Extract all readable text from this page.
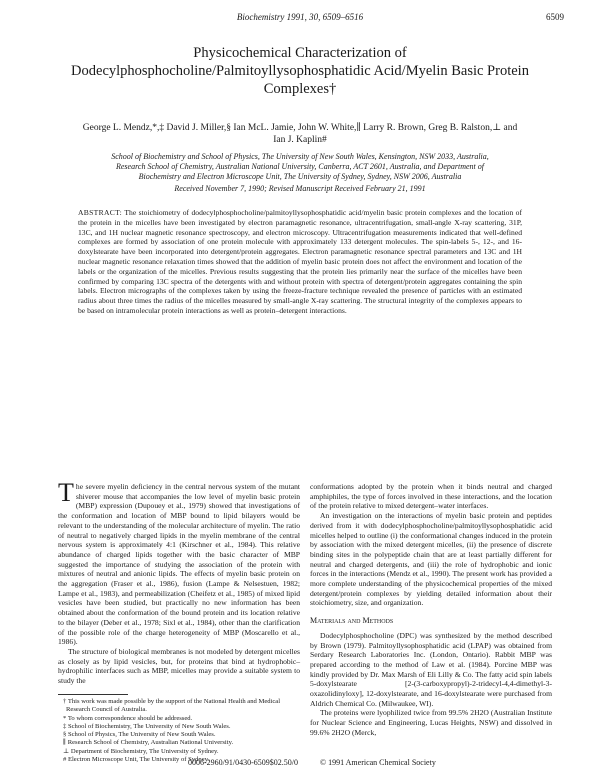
Biochemistry 1991, 30, 6509–6516	6509
Physicochemical Characterization of
Dodecylphosphocholine/Palmitoyllysophosphatidic Acid/Myelin Basic Protein
Complexes†
George L. Mendz,*,‡ David J. Miller,§ Ian McL. Jamie, John W. White,∥ Larry R. Brown, Greg B. Ralston,⊥ and
Ian J. Kaplin#
School of Biochemistry and School of Physics, The University of New South Wales, Kensington, NSW 2033, Australia,
Research School of Chemistry, Australian National University, Canberra, ACT 2601, Australia, and Department of
Biochemistry and Electron Microscope Unit, The University of Sydney, Sydney, NSW 2006, Australia
Received November 7, 1990; Revised Manuscript Received February 21, 1991
ABSTRACT: The stoichiometry of dodecylphosphocholine/palmitoyllysophosphatidic acid/myelin basic protein complexes and the location of the protein in the micelles have been investigated by electron paramagnetic resonance, ultracentrifugation, small-angle X-ray scattering, 31P, 13C, and 1H nuclear magnetic resonance spectroscopy, and electron microscopy. Ultracentrifugation measurements indicated that well-defined complexes are formed by association of one protein molecule with approximately 133 detergent molecules. The spin-labels 5-, 12-, and 16-doxylstearate have been incorporated into detergent/protein aggregates. Electron paramagnetic resonance spectral parameters and 13C and 1H nuclear magnetic resonance relaxation times showed that the addition of myelin basic protein does not affect the environment and location of the labels or the organization of the micelles. Previous results suggesting that the protein lies primarily near the surface of the micelles have been confirmed by comparing 13C spectra of the detergents with and without protein with spectra of detergent/protein aggregates containing the spin labels. Electron micrographs of the complexes taken by using the freeze-fracture technique revealed the presence of particles with an estimated radius about three times the radius of the micelles measured by small-angle X-ray scattering. The structural integrity of the complexes appears to be based on intramolecular protein interactions as well as protein–detergent interactions.

The severe myelin deficiency in the central nervous system of the mutant shiverer mouse that accompanies the low level of myelin basic protein (MBP) expression (Dupouey et al., 1979) showed that investigations of the conformation and location of MBP bound to lipid bilayers would be relevant to the understanding of the molecular architecture of myelin. The ratio of neutral to negatively charged lipids in the myelin membrane of the central nervous system is approximately 4:1 (Kirschner et al., 1984). This relative abundance of charged lipids together with the basic character of MBP suggested the importance of studying the association of the protein with mixtures of neutral and anionic lipids. The effects of myelin basic protein on the aggregation (Fraser et al., 1986), fusion (Lampe & Nelsestuen, 1982; Lampe et al., 1983), and permeabilization (Cheifetz et al., 1985) of mixed lipid vesicles have been studied, but practically no new information has been obtained about the conformation of the bound protein and its location relative to the bilayer (Deber et al., 1978; Sixl et al., 1984), other than the clarification of the possible role of the charge heterogeneity of MBP (Moscarello et al., 1986).

The structure of biological membranes is not modeled by detergent micelles as closely as by lipid vesicles, but, for proteins that bind at hydrophobic–hydrophilic interfaces such as MBP, micelles may provide a suitable system to study the

† This work was made possible by the support of the National Health and Medical Research Council of Australia.
* To whom correspondence should be addressed.
‡ School of Biochemistry, The University of New South Wales.
§ School of Physics, The University of New South Wales.
∥ Research School of Chemistry, Australian National University.
⊥ Department of Biochemistry, The University of Sydney.
# Electron Microscope Unit, The University of Sydney.

conformations adopted by the protein when it binds neutral and charged amphiphiles, the type of forces involved in these interactions, and the location of the protein relative to mixed detergent–water interfaces.

An investigation on the interactions of myelin basic protein and peptides derived from it with dodecylphosphocholine/palmitoyllysophosphatidic acid micelles helped to outline (i) the conformational changes induced in the protein by association with the mixed detergent micelles, (ii) the presence of discrete binding sites in the polypeptide chain that are at least partially different for neutral and charged detergents, and (iii) the role of hydrophobic and ionic forces in the interactions (Mendz et al., 1990). The present work has provided a more complete understanding of the physicochemical properties of the mixed detergent/protein complexes by yielding detailed information about their stoichiometry, size, and organization.

Materials and Methods

Dodecylphosphocholine (DPC) was synthesized by the method described by Brown (1979). Palmitoyllysophosphatidic acid (LPAP) was obtained from Serdary Research Laboratories Inc. (London, Ontario). Rabbit MBP was prepared according to the method of Law et al. (1984). Porcine MBP was kindly provided by Dr. Max Marsh of Eli Lilly & Co. The fatty acid spin labels 5-doxylstearate [2-(3-carboxypropyl)-2-tridecyl-4,4-dimethyl-3-oxazolidinyloxy], 12-doxylstearate, and 16-doxylstearate were purchased from Aldrich Chemical Co. (Milwaukee, WI).

The proteins were lyophilized twice from 99.5% 2H2O (Australian Institute for Nuclear Science and Engineering, Lucas Heights, NSW) and dissolved in 99.6% 2H2O (Merck,

0006-2960/91/0430-6509$02.50/0	© 1991 American Chemical Society
